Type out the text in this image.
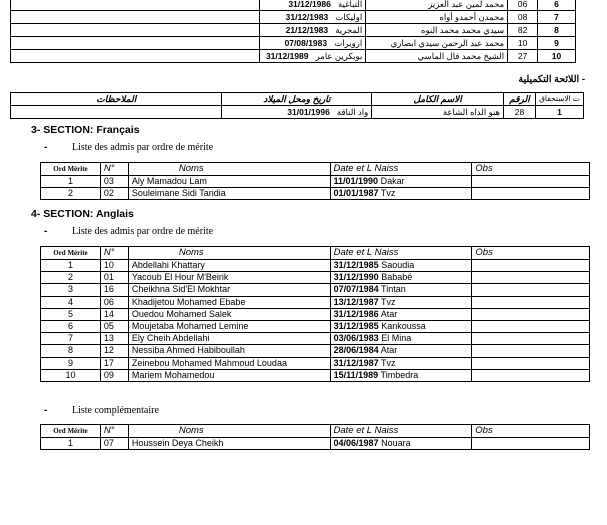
6	06	محمد لمين عبد العزيز	التباغية   31/12/1986	
7	08	محمدن أحمدو أواه	اوليكات   31/12/1983	
8	82	سيدي محمد محمد النوه	المجرية   21/12/1983	
9	10	محمد عبد الرحمن سيدي ابصاري	ازويرات   07/08/1983	
10	27	الشيخ محمد فال الماسي	بوبكرين عامر   31/12/1989	
- اللائحة التكميلية
ت الاستحقاق	الرقم	الاسم الكامل	تاريخ ومحل الميلاد	الملاحظات
1	28	هنو الداه الشاعة	واد الناقة   31/01/1996	
3- SECTION: Français
- Liste des admis par ordre de mérite
Ord Mérite	N°	Noms	Date et L Naiss	Obs
1	03	Aly Mamadou Lam	11/01/1990 Dakar	
2	02	Souleimane Sidi Tandia	01/01/1987 Tvz	
4- SECTION: Anglais
- Liste des admis par ordre de mérite
Ord Mérite	N°	Noms	Date et L Naiss	Obs
1	10	Abdellahi Khattary	31/12/1985 Saoudia	
2	01	Yacoub El Hour M'Beirik	31/12/1990 Bababé	
3	16	Cheikhna Sid'El Mokhtar	07/07/1984 Tintan	
4	06	Khadijetou Mohamed Ebabe	13/12/1987 Tvz	
5	14	Ouedou Mohamed Salek	31/12/1986 Atar	
6	05	Moujetaba Mohamed Lemine	31/12/1985 Kankoussa	
7	13	Ely Cheih Abdellahi	03/06/1983 El Mina	
8	12	Nessiba Ahmed Habiboullah	28/06/1984 Atar	
9	17	Zeinebou Mohamed Mahmoud Loudaa	31/12/1987 Tvz	
10	09	Mariem Mohamedou	15/11/1989 Timbedra	
- Liste complémentaire
Ord Mérite	N°	Noms	Date et L Naiss	Obs
1	07	Houssein Deya Cheikh	04/06/1987 Nouara	
